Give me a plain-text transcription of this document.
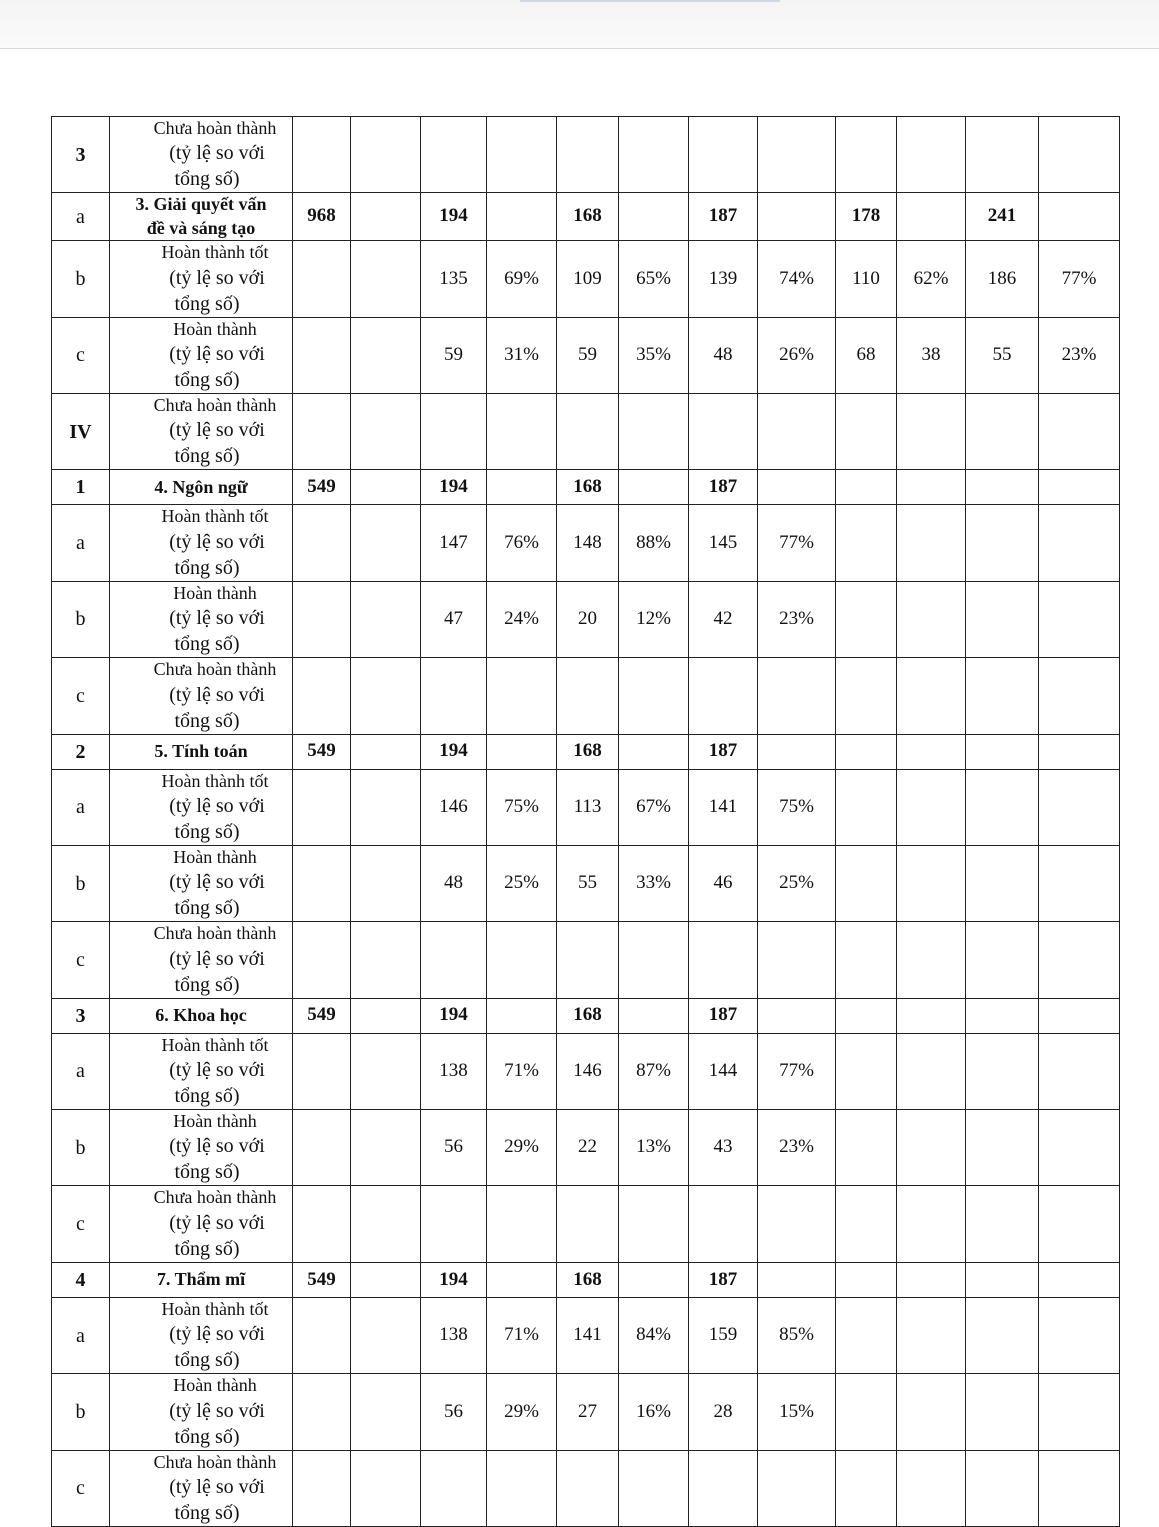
3	Chưa hoàn thành
(tỷ lệ so với
tổng số)												

a	3. Giải quyết vấn
đề và sáng tạo	968		194		168		187		178		241	
b	Hoàn thành tốt
(tỷ lệ so với
tổng số)			135	69%	109	65%	139	74%	110	62%	186	77%
c	Hoàn thành
(tỷ lệ so với
tổng số)			59	31%	59	35%	48	26%	68	38	55	23%
IV	Chưa hoàn thành
(tỷ lệ so với
tổng số)												

1	4. Ngôn ngữ	549		194		168		187					
a	Hoàn thành tốt
(tỷ lệ so với
tổng số)			147	76%	148	88%	145	77%				
b	Hoàn thành
(tỷ lệ so với
tổng số)			47	24%	20	12%	42	23%				
c	Chưa hoàn thành
(tỷ lệ so với
tổng số)												

2	5. Tính toán	549		194		168		187					
a	Hoàn thành tốt
(tỷ lệ so với
tổng số)			146	75%	113	67%	141	75%				
b	Hoàn thành
(tỷ lệ so với
tổng số)			48	25%	55	33%	46	25%				
c	Chưa hoàn thành
(tỷ lệ so với
tổng số)												

3	6. Khoa học	549		194		168		187					
a	Hoàn thành tốt
(tỷ lệ so với
tổng số)			138	71%	146	87%	144	77%				
b	Hoàn thành
(tỷ lệ so với
tổng số)			56	29%	22	13%	43	23%				
c	Chưa hoàn thành
(tỷ lệ so với
tổng số)												

4	7. Thẩm mĩ	549		194		168		187					
a	Hoàn thành tốt
(tỷ lệ so với
tổng số)			138	71%	141	84%	159	85%				
b	Hoàn thành
(tỷ lệ so với
tổng số)			56	29%	27	16%	28	15%				
c	Chưa hoàn thành
(tỷ lệ so với
tổng số)												
